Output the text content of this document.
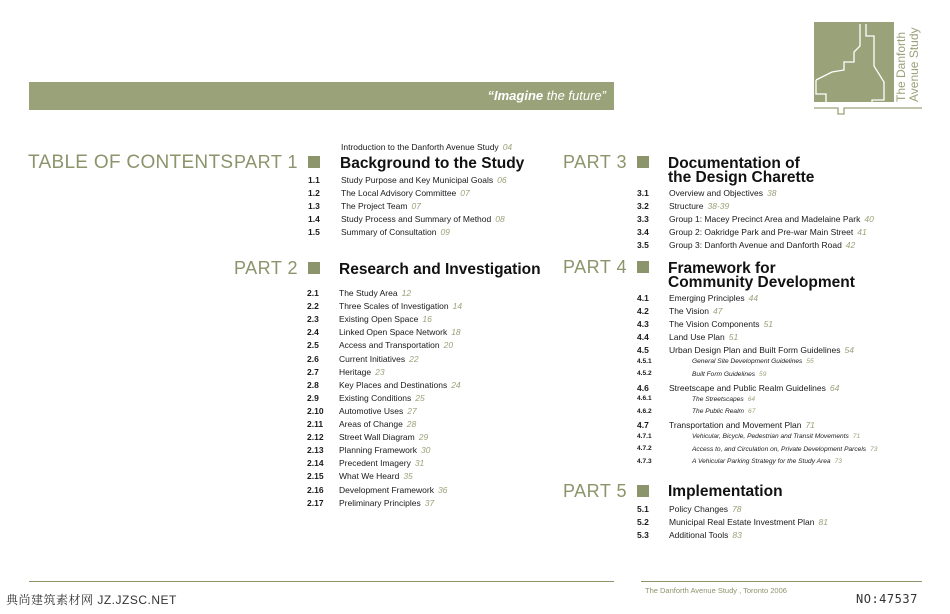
“Imagine the future”	The Danforth Avenue Study
TABLE OF CONTENTS
Introduction to the Danforth Avenue Study 04
PART 1	Background to the Study
1.1 Study Purpose and Key Municipal Goals 06
1.2 The Local Advisory Committee 07
1.3 The Project Team 07
1.4 Study Process and Summary of Method 08
1.5 Summary of Consultation 09
PART 2	Research and Investigation
2.1 The Study Area 12
2.2 Three Scales of Investigation 14
2.3 Existing Open Space 16
2.4 Linked Open Space Network 18
2.5 Access and Transportation 20
2.6 Current Initiatives 22
2.7 Heritage 23
2.8 Key Places and Destinations 24
2.9 Existing Conditions 25
2.10 Automotive Uses 27
2.11 Areas of Change 28
2.12 Street Wall Diagram 29
2.13 Planning Framework 30
2.14 Precedent Imagery 31
2.15 What We Heard 35
2.16 Development Framework 36
2.17 Preliminary Principles 37
PART 3	Documentation of
the Design Charette
3.1 Overview and Objectives 38
3.2 Structure 38-39
3.3 Group 1: Macey Precinct Area and Madelaine Park 40
3.4 Group 2: Oakridge Park and Pre-war Main Street 41
3.5 Group 3: Danforth Avenue and Danforth Road 42
PART 4	Framework for
Community Development
4.1 Emerging Principles 44
4.2 The Vision 47
4.3 The Vision Components 51
4.4 Land Use Plan 51
4.5 Urban Design Plan and Built Form Guidelines 54
4.5.1	General Site Development Guidelines 55
4.5.2	Built Form Guidelines 59
4.6 Streetscape and Public Realm Guidelines 64
4.6.1	The Streetscapes 64
4.6.2	The Public Realm 67
4.7 Transportation and Movement Plan 71
4.7.1	Vehicular, Bicycle, Pedestrian and Transit Movements 71
4.7.2	Access to, and Circulation on, Private Development Parcels 73
4.7.3	A Vehicular Parking Strategy for the Study Area 73
PART 5	Implementation
5.1 Policy Changes 78
5.2 Municipal Real Estate Investment Plan 81
5.3 Additional Tools 83
The Danforth Avenue Study , Toronto 2006
典尚建筑素材网 JZ.JZSC.NET	NO:47537
